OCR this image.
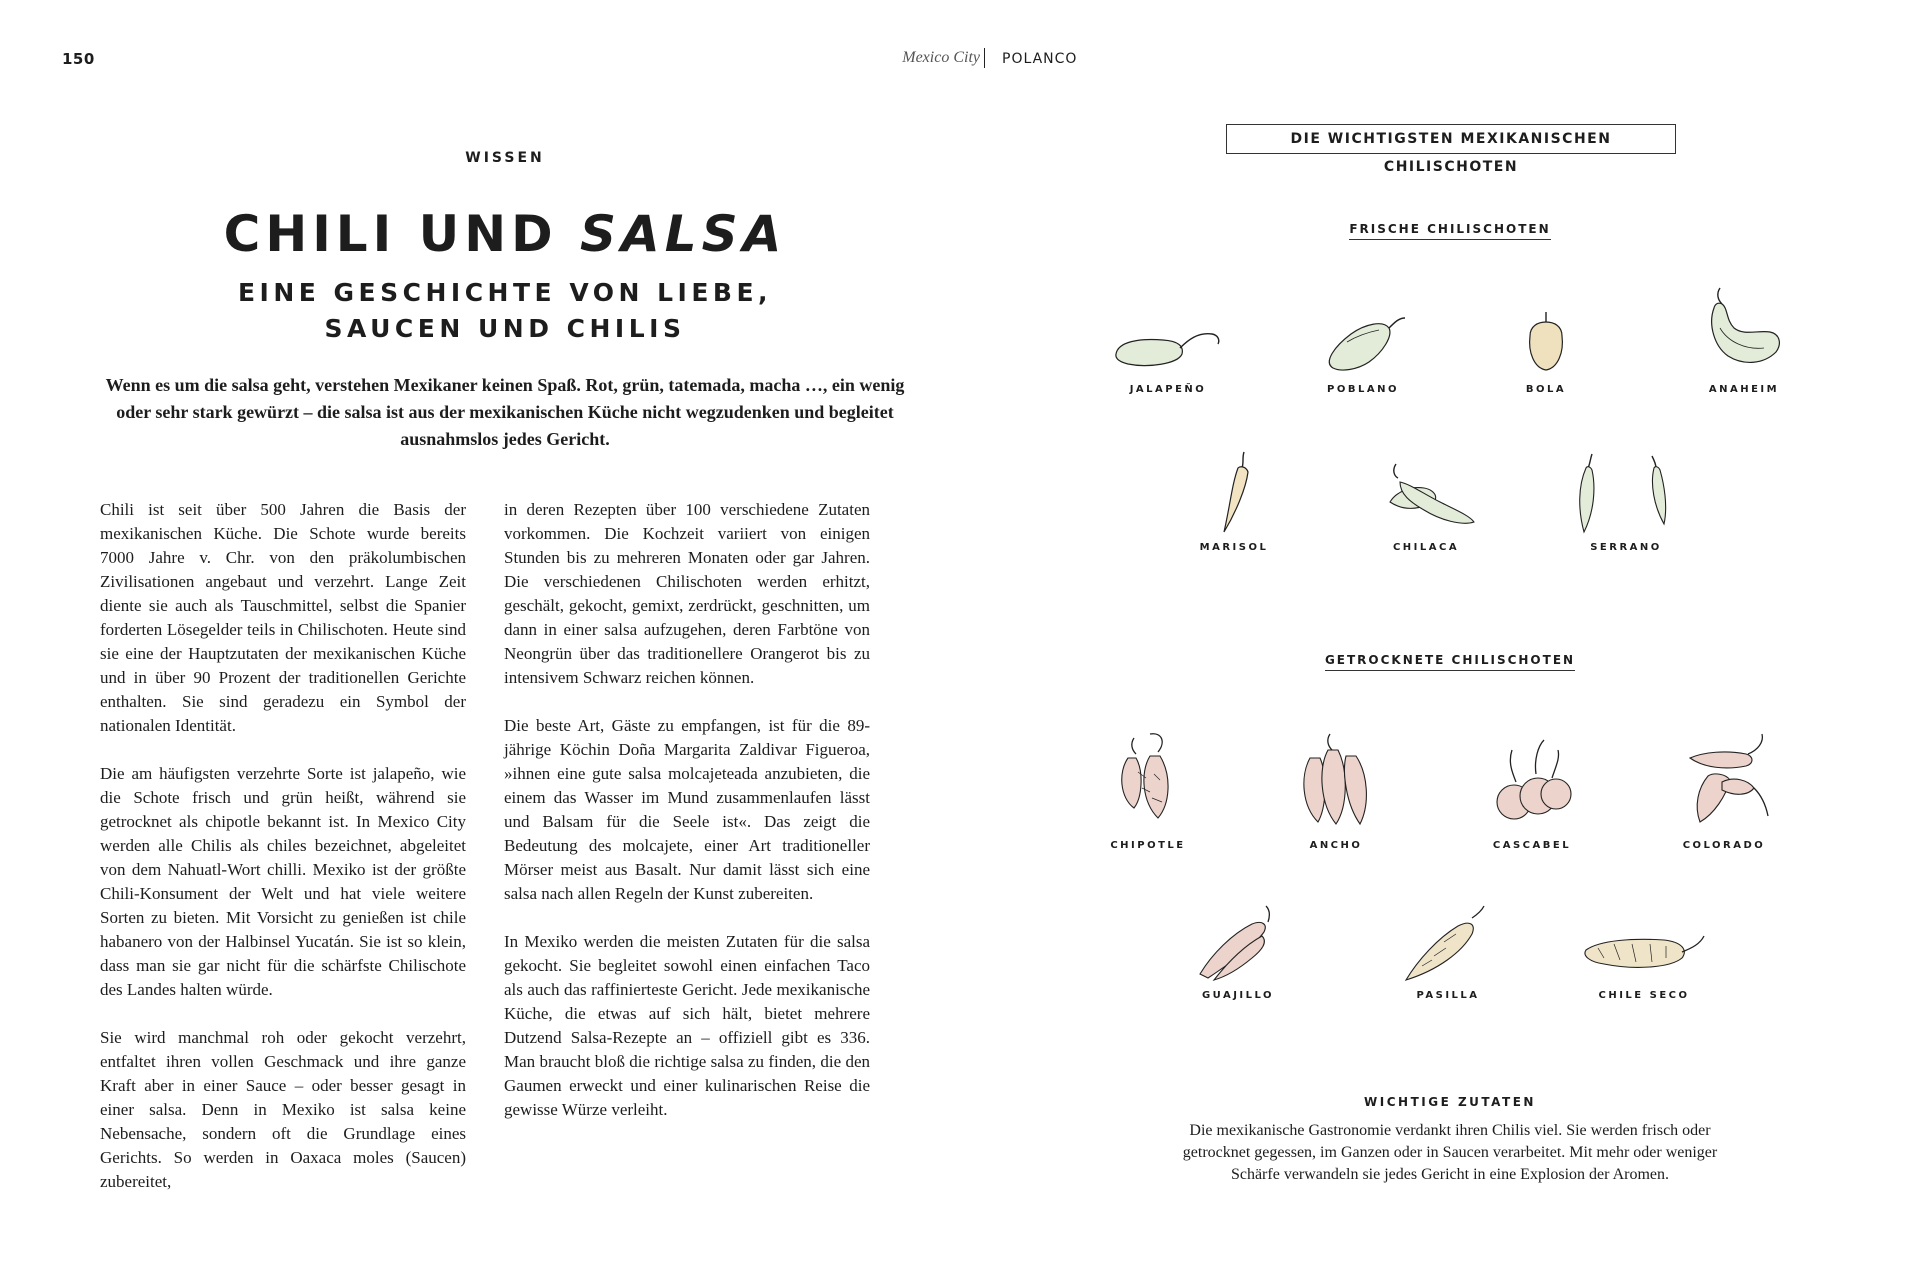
150	Mexico City POLANCO
WISSEN
CHILI UND SALSA
EINE GESCHICHTE VON LIEBE,
SAUCEN UND CHILIS
Wenn es um die salsa geht, verstehen Mexikaner keinen Spaß. Rot, grün, tatemada, macha …, ein wenig oder sehr stark gewürzt – die salsa ist aus der mexikanischen Küche nicht wegzudenken und begleitet ausnahmslos jedes Gericht.

Chili ist seit über 500 Jahren die Basis der mexikanischen Küche. Die Schote wurde bereits 7000 Jahre v. Chr. von den präkolumbischen Zivilisationen angebaut und verzehrt. Lange Zeit diente sie auch als Tauschmittel, selbst die Spanier forderten Lösegelder teils in Chilischoten. Heute sind sie eine der Hauptzutaten der mexikanischen Küche und in über 90 Prozent der traditionellen Gerichte enthalten. Sie sind geradezu ein Symbol der nationalen Identität.

Die am häufigsten verzehrte Sorte ist jalapeño, wie die Schote frisch und grün heißt, während sie getrocknet als chipotle bekannt ist. In Mexico City werden alle Chilis als chiles bezeichnet, abgeleitet von dem Nahuatl-Wort chilli. Mexiko ist der größte Chili-Konsument der Welt und hat viele weitere Sorten zu bieten. Mit Vorsicht zu genießen ist chile habanero von der Halbinsel Yucatán. Sie ist so klein, dass man sie gar nicht für die schärfste Chilischote des Landes halten würde.

Sie wird manchmal roh oder gekocht verzehrt, entfaltet ihren vollen Geschmack und ihre ganze Kraft aber in einer Sauce – oder besser gesagt in einer salsa. Denn in Mexiko ist salsa keine Nebensache, sondern oft die Grundlage eines Gerichts. So werden in Oaxaca moles (Saucen) zubereitet,

in deren Rezepten über 100 verschiedene Zutaten vorkommen. Die Kochzeit variiert von einigen Stunden bis zu mehreren Monaten oder gar Jahren. Die verschiedenen Chilischoten werden erhitzt, geschält, gekocht, gemixt, zerdrückt, geschnitten, um dann in einer salsa aufzugehen, deren Farbtöne von Neongrün über das traditionellere Orangerot bis zu intensivem Schwarz reichen können.

Die beste Art, Gäste zu empfangen, ist für die 89-jährige Köchin Doña Margarita Zaldivar Figueroa, »ihnen eine gute salsa molcajeteada anzubieten, die einem das Wasser im Mund zusammenlaufen lässt und Balsam für die Seele ist«. Das zeigt die Bedeutung des molcajete, einer Art traditioneller Mörser meist aus Basalt. Nur damit lässt sich eine salsa nach allen Regeln der Kunst zubereiten.

In Mexiko werden die meisten Zutaten für die salsa gekocht. Sie begleitet sowohl einen einfachen Taco als auch das raffinierteste Gericht. Jede mexikanische Küche, die etwas auf sich hält, bietet mehrere Dutzend Salsa-Rezepte an – offiziell gibt es 336. Man braucht bloß die richtige salsa zu finden, die den Gaumen erweckt und einer kulinarischen Reise die gewisse Würze verleiht.

DIE WICHTIGSTEN MEXIKANISCHEN CHILISCHOTEN
FRISCHE CHILISCHOTEN
JALAPEÑO	POBLANO	BOLA	ANAHEIM
MARISOL	CHILACA	SERRANO
GETROCKNETE CHILISCHOTEN
CHIPOTLE	ANCHO	CASCABEL	COLORADO
GUAJILLO	PASILLA	CHILE SECO
WICHTIGE ZUTATEN
Die mexikanische Gastronomie verdankt ihren Chilis viel. Sie werden frisch oder getrocknet gegessen, im Ganzen oder in Saucen verarbeitet. Mit mehr oder weniger Schärfe verwandeln sie jedes Gericht in eine Explosion der Aromen.
